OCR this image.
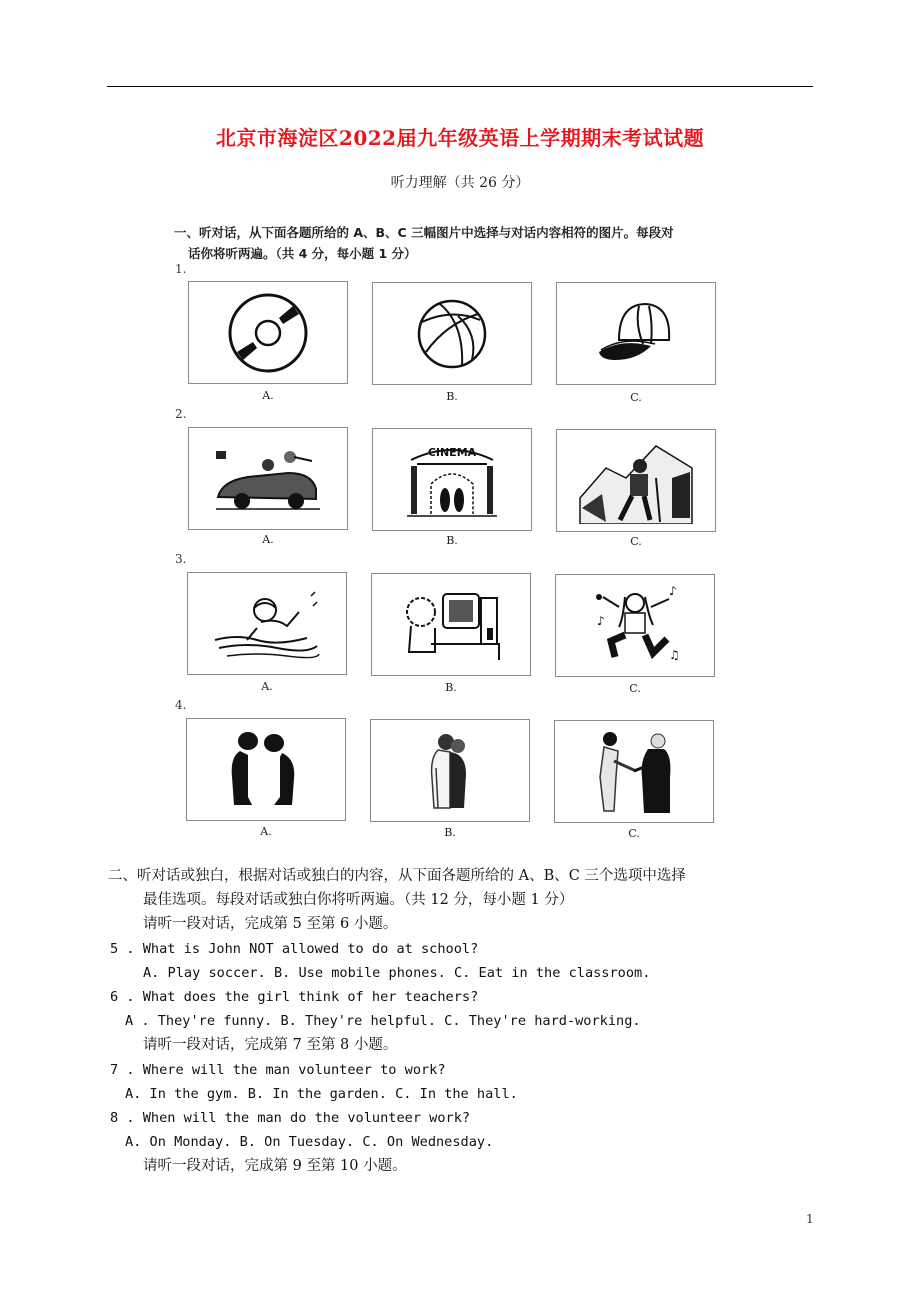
北京市海淀区2022届九年级英语上学期期末考试试题
听力理解（共 26 分）
一、听对话，从下面各题所给的 A、B、C 三幅图片中选择与对话内容相符的图片。每段对
话你将听两遍。（共 4 分，每小题 1 分）
1.
A.	B.	C.
2.
A.
CINEMA
B.	C.
3.
A.	B.
♪
♪
♫
C.
4.
A.	B.	C.
二、听对话或独白，根据对话或独白的内容，从下面各题所给的 A、B、C 三个选项中选择
最佳选项。每段对话或独白你将听两遍。（共 12 分，每小题 1 分）
请听一段对话，完成第 5 至第 6 小题。
5 . What is John NOT allowed to do at school?
A. Play soccer. B. Use mobile phones. C. Eat in the classroom.
6 . What does the girl think of her teachers?
A . They're funny. B. They're helpful. C. They're hard-working.
请听一段对话，完成第 7 至第 8 小题。
7 . Where will the man volunteer to work?
A. In the gym. B. In the garden. C. In the hall.
8 . When will the man do the volunteer work?
A. On Monday. B. On Tuesday. C. On Wednesday.
请听一段对话，完成第 9 至第 10 小题。
1
